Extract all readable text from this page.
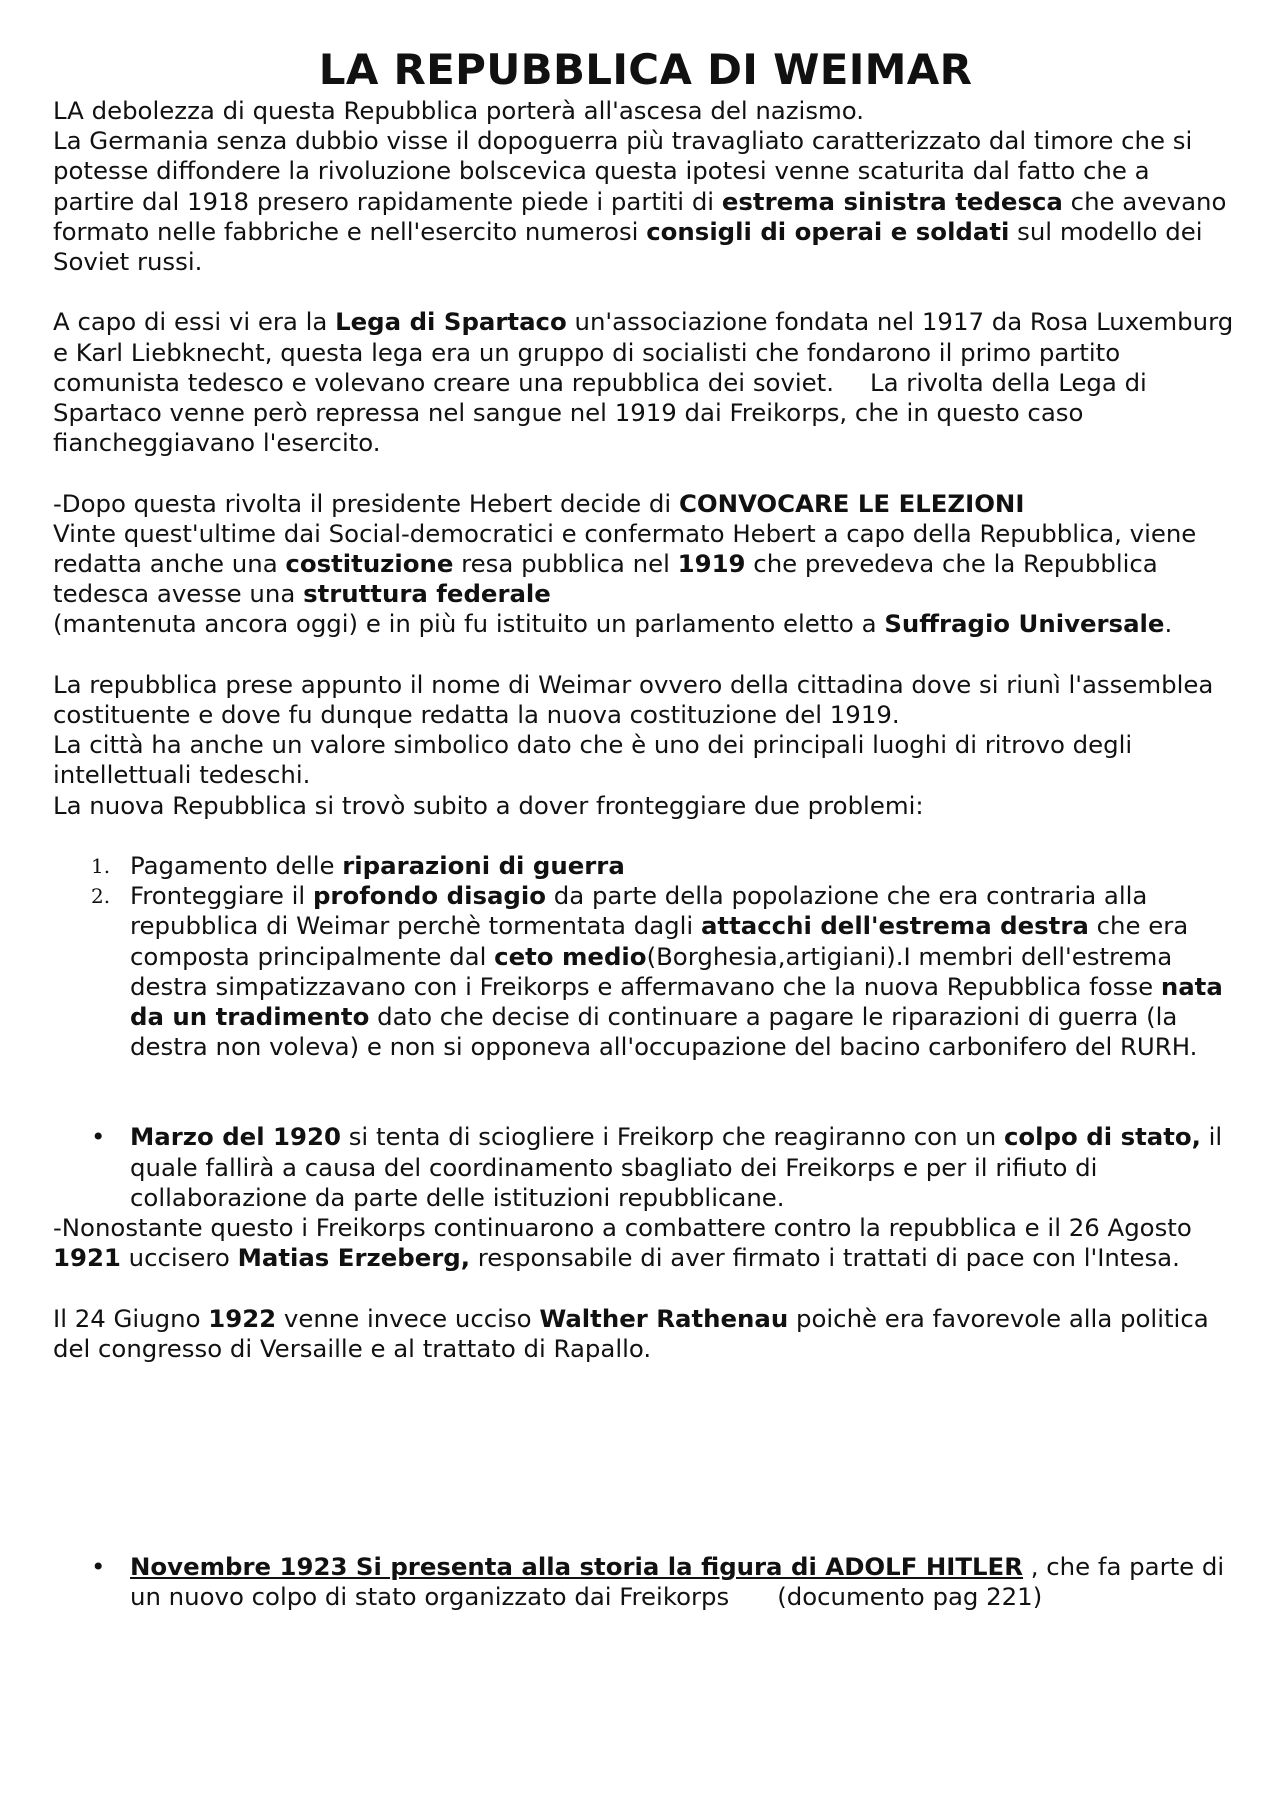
LA REPUBBLICA DI WEIMAR

LA debolezza di questa Repubblica porterà all'ascesa del nazismo.
La Germania senza dubbio visse il dopoguerra più travagliato caratterizzato dal timore che si potesse diffondere la rivoluzione bolscevica questa ipotesi venne scaturita dal fatto che a partire dal 1918 presero rapidamente piede i partiti di estrema sinistra tedesca che avevano formato nelle fabbriche e nell'esercito numerosi consigli di operai e soldati sul modello dei Soviet russi.

A capo di essi vi era la Lega di Spartaco un'associazione fondata nel 1917 da Rosa Luxemburg e Karl Liebknecht, questa lega era un gruppo di socialisti che fondarono il primo partito comunista tedesco e volevano creare una repubblica dei soviet. La rivolta della Lega di Spartaco venne però repressa nel sangue nel 1919 dai Freikorps, che in questo caso fiancheggiavano l'esercito.

-Dopo questa rivolta il presidente Hebert decide di CONVOCARE LE ELEZIONI
Vinte quest'ultime dai Social-democratici e confermato Hebert a capo della Repubblica, viene redatta anche una costituzione resa pubblica nel 1919 che prevedeva che la Repubblica tedesca avesse una struttura federale
(mantenuta ancora oggi) e in più fu istituito un parlamento eletto a Suffragio Universale.

La repubblica prese appunto il nome di Weimar ovvero della cittadina dove si riunì l'assemblea costituente e dove fu dunque redatta la nuova costituzione del 1919.
La città ha anche un valore simbolico dato che è uno dei principali luoghi di ritrovo degli intellettuali tedeschi.
La nuova Repubblica si trovò subito a dover fronteggiare due problemi:

1. Pagamento delle riparazioni di guerra
2. Fronteggiare il profondo disagio da parte della popolazione che era contraria alla repubblica di Weimar perchè tormentata dagli attacchi dell'estrema destra che era composta principalmente dal ceto medio(Borghesia,artigiani).I membri dell'estrema destra simpatizzavano con i Freikorps e affermavano che la nuova Repubblica fosse nata da un tradimento dato che decise di continuare a pagare le riparazioni di guerra (la destra non voleva) e non si opponeva all'occupazione del bacino carbonifero del RURH.
• Marzo del 1920 si tenta di sciogliere i Freikorp che reagiranno con un colpo di stato, il quale fallirà a causa del coordinamento sbagliato dei Freikorps e per il rifiuto di collaborazione da parte delle istituzioni repubblicane.

-Nonostante questo i Freikorps continuarono a combattere contro la repubblica e il 26 Agosto 1921 uccisero Matias Erzeberg, responsabile di aver firmato i trattati di pace con l'Intesa.

Il 24 Giugno 1922 venne invece ucciso Walther Rathenau poichè era favorevole alla politica del congresso di Versaille e al trattato di Rapallo.

• Novembre 1923 Si presenta alla storia la figura di ADOLF HITLER , che fa parte di un nuovo colpo di stato organizzato dai Freikorps (documento pag 221)
